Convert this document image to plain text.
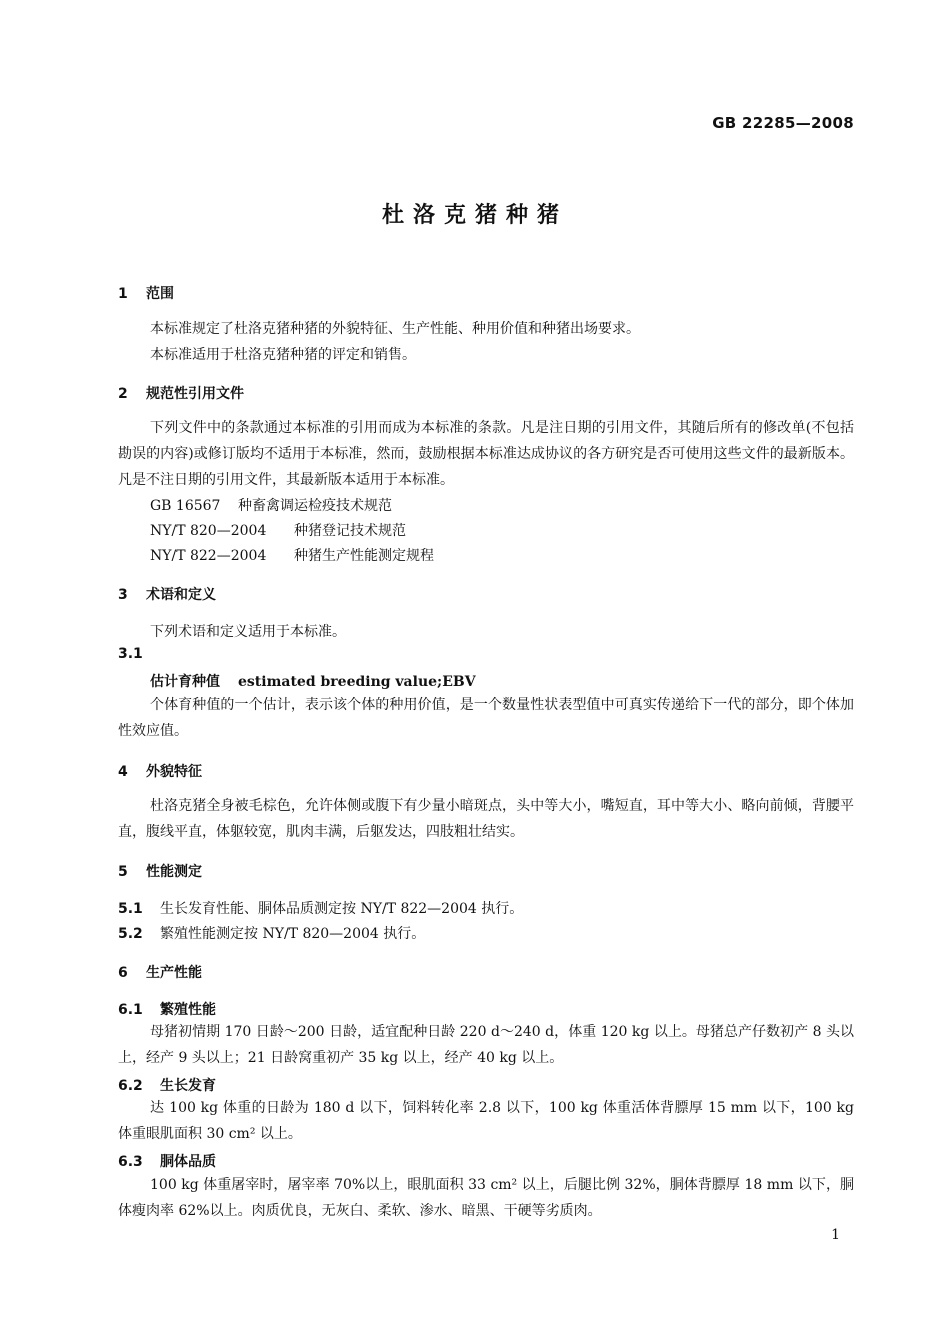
GB 22285—2008
杜洛克猪种猪
1 范围
本标准规定了杜洛克猪种猪的外貌特征、生产性能、种用价值和种猪出场要求。
本标准适用于杜洛克猪种猪的评定和销售。
2 规范性引用文件
下列文件中的条款通过本标准的引用而成为本标准的条款。凡是注日期的引用文件，其随后所有的修改单(不包括勘误的内容)或修订版均不适用于本标准，然而，鼓励根据本标准达成协议的各方研究是否可使用这些文件的最新版本。凡是不注日期的引用文件，其最新版本适用于本标准。
GB 16567 种畜禽调运检疫技术规范
NY/T 820—2004 种猪登记技术规范
NY/T 822—2004 种猪生产性能测定规程
3 术语和定义
下列术语和定义适用于本标准。
3.1
估计育种值 estimated breeding value;EBV
个体育种值的一个估计，表示该个体的种用价值，是一个数量性状表型值中可真实传递给下一代的部分，即个体加性效应值。
4 外貌特征
杜洛克猪全身被毛棕色，允许体侧或腹下有少量小暗斑点，头中等大小，嘴短直，耳中等大小、略向前倾，背腰平直，腹线平直，体躯较宽，肌肉丰满，后躯发达，四肢粗壮结实。
5 性能测定
5.1 生长发育性能、胴体品质测定按 NY/T 822—2004 执行。
5.2 繁殖性能测定按 NY/T 820—2004 执行。
6 生产性能
6.1 繁殖性能
母猪初情期 170 日龄～200 日龄，适宜配种日龄 220 d～240 d，体重 120 kg 以上。母猪总产仔数初产 8 头以上，经产 9 头以上；21 日龄窝重初产 35 kg 以上，经产 40 kg 以上。
6.2 生长发育
达 100 kg 体重的日龄为 180 d 以下，饲料转化率 2.8 以下，100 kg 体重活体背膘厚 15 mm 以下，100 kg 体重眼肌面积 30 cm² 以上。
6.3 胴体品质
100 kg 体重屠宰时，屠宰率 70%以上，眼肌面积 33 cm² 以上，后腿比例 32%，胴体背膘厚 18 mm 以下，胴体瘦肉率 62%以上。肉质优良，无灰白、柔软、渗水、暗黑、干硬等劣质肉。
1
